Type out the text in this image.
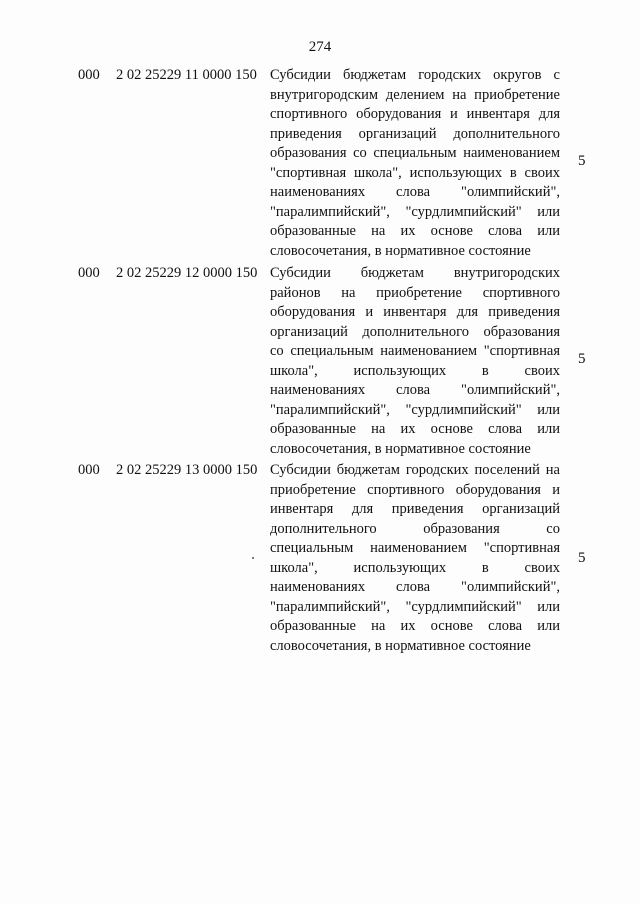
274
000 2 02 25229 11 0000 150 Субсидии бюджетам городских округов с
внутригородским делением на приобретение
спортивного оборудования и инвентаря для
приведения организаций дополнительного
образования со специальным наименованием
"спортивная школа", использующих в своих
наименованиях слова "олимпийский",
"паралимпийский", "сурдлимпийский" или
образованные на их основе слова или
словосочетания, в нормативное состояние
5
000 2 02 25229 12 0000 150 Субсидии бюджетам внутригородских
районов на приобретение спортивного
оборудования и инвентаря для приведения
организаций дополнительного образования
со специальным наименованием "спортивная
школа", использующих в своих
наименованиях слова "олимпийский",
"паралимпийский", "сурдлимпийский" или
образованные на их основе слова или
словосочетания, в нормативное состояние
5
000 2 02 25229 13 0000 150 Субсидии бюджетам городских поселений на
приобретение спортивного оборудования и
инвентаря для приведения организаций
дополнительного образования со
специальным наименованием "спортивная
школа", использующих в своих
наименованиях слова "олимпийский",
"паралимпийский", "сурдлимпийский" или
образованные на их основе слова или
словосочетания, в нормативное состояние
5
